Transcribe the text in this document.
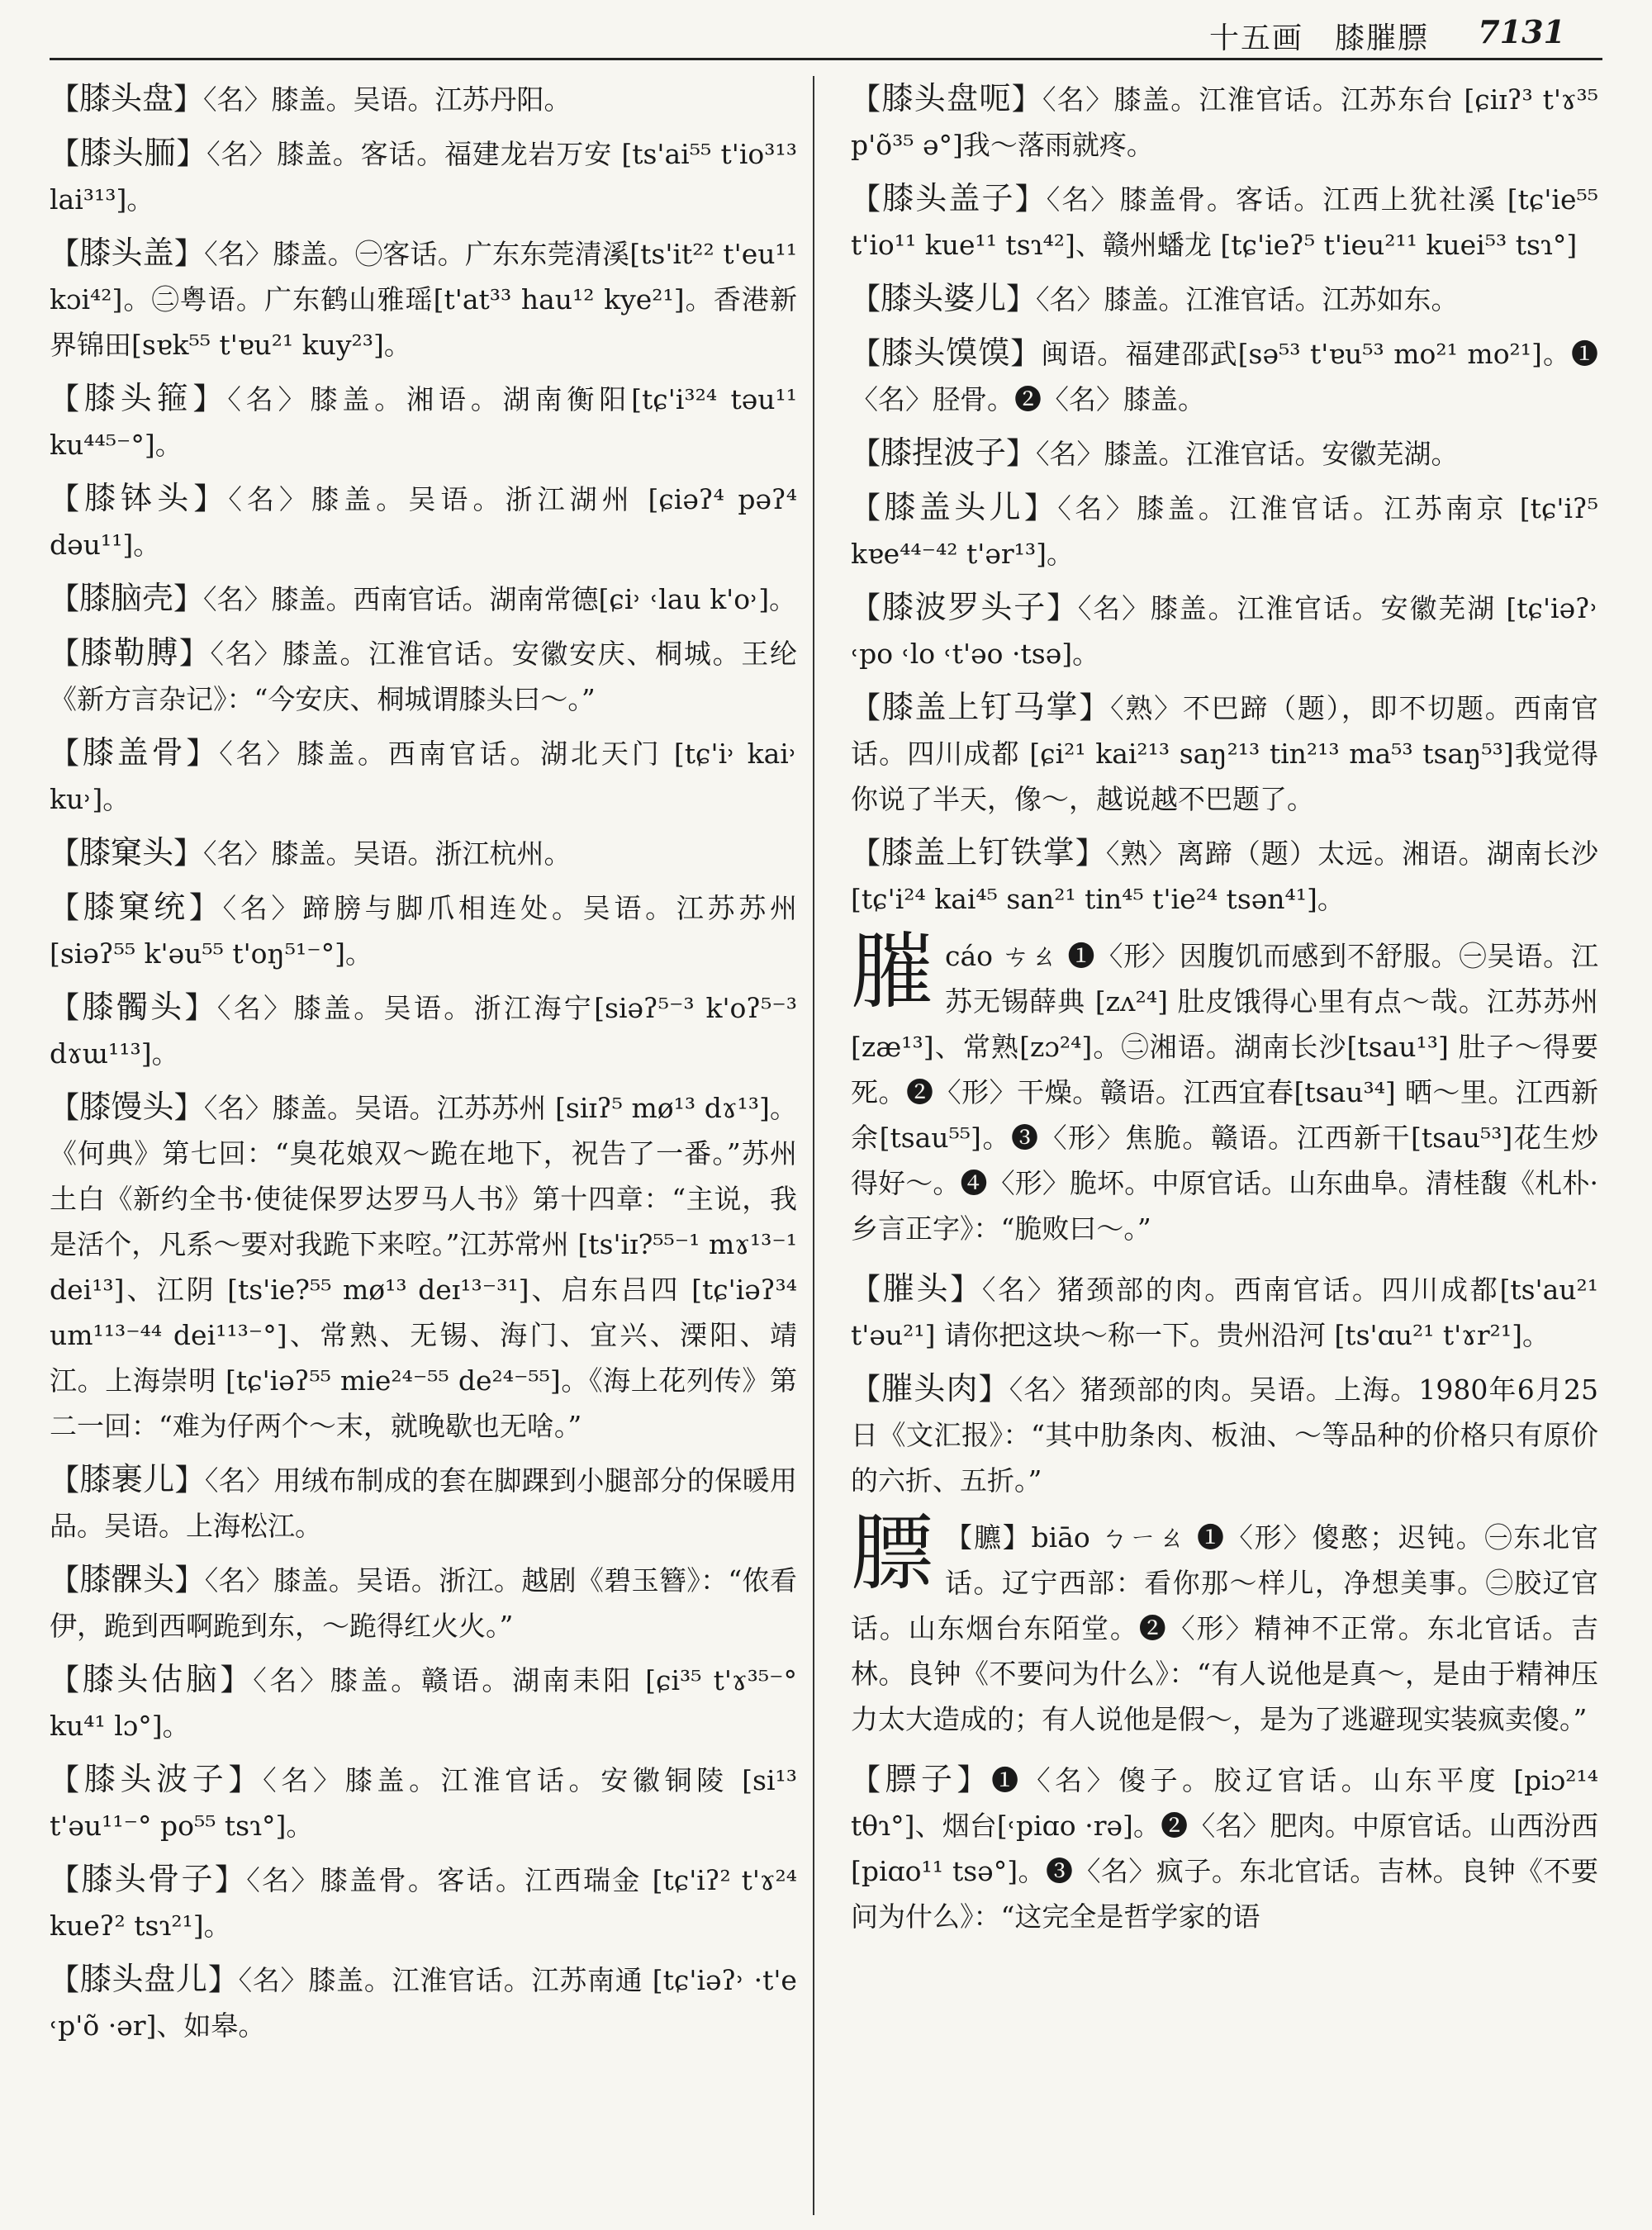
十五画　膝膗膘 7131

【膝头盘】〈名〉膝盖。吴语。江苏丹阳。

【膝头胹】〈名〉膝盖。客话。福建龙岩万安 [ts'ai⁵⁵ t'io³¹³ lai³¹³]。

【膝头盖】〈名〉膝盖。㊀客话。广东东莞清溪[ts'it²² t'eu¹¹ kɔi⁴²]。㊁粤语。广东鹤山雅瑶[t'at³³ hau¹² kye²¹]。香港新界锦田[sɐk⁵⁵ t'ɐu²¹ kuy²³]。

【膝头箍】〈名〉膝盖。湘语。湖南衡阳[tɕ'i³²⁴ təu¹¹ ku⁴⁴⁵⁻°]。

【膝钵头】〈名〉膝盖。吴语。浙江湖州 [ɕiəʔ⁴ pəʔ⁴ dəu¹¹]。

【膝脑壳】〈名〉膝盖。西南官话。湖南常德[ɕi˒ ˓lau k'o˒]。

【膝勒膊】〈名〉膝盖。江淮官话。安徽安庆、桐城。王纶《新方言杂记》：“今安庆、桐城谓膝头曰～。”

【膝盖骨】〈名〉膝盖。西南官话。湖北天门 [tɕ'i˒ kai˒ ku˒]。

【膝窠头】〈名〉膝盖。吴语。浙江杭州。

【膝窠统】〈名〉蹄膀与脚爪相连处。吴语。江苏苏州 [siəʔ⁵⁵ k'əu⁵⁵ t'oŋ⁵¹⁻°]。

【膝髑头】〈名〉膝盖。吴语。浙江海宁[siəʔ⁵⁻³ k'oʔ⁵⁻³ dɤɯ¹¹³]。

【膝馒头】〈名〉膝盖。吴语。江苏苏州 [siɪʔ⁵ mø¹³ dɤ¹³]。《何典》第七回：“臭花娘双～跪在地下，祝告了一番。”苏州土白《新约全书·使徒保罗达罗马人书》第十四章：“主说，我是活个，凡系～要对我跪下来啌。”江苏常州 [ts'iɪ?⁵⁵⁻¹ mɤ¹³⁻¹ dei¹³]、江阴 [ts'ie?⁵⁵ mø¹³ deɪ¹³⁻³¹]、启东吕四 [tɕ'iəʔ³⁴ um¹¹³⁻⁴⁴ dei¹¹³⁻°]、常熟、无锡、海门、宜兴、溧阳、靖江。上海崇明 [tɕ'iəʔ⁵⁵ mie²⁴⁻⁵⁵ de²⁴⁻⁵⁵]。《海上花列传》第二一回：“难为仔两个～末，就晚歇也无啥。”

【膝裹儿】〈名〉用绒布制成的套在脚踝到小腿部分的保暖用品。吴语。上海松江。

【膝髁头】〈名〉膝盖。吴语。浙江。越剧《碧玉簪》：“侬看伊，跪到西啊跪到东，～跪得红火火。”

【膝头估脑】〈名〉膝盖。赣语。湖南耒阳 [ɕi³⁵ t'ɤ³⁵⁻° ku⁴¹ lɔ°]。

【膝头波子】〈名〉膝盖。江淮官话。安徽铜陵 [si¹³ t'əu¹¹⁻° po⁵⁵ tsɿ°]。

【膝头骨子】〈名〉膝盖骨。客话。江西瑞金 [tɕ'iʔ² t'ɤ²⁴ kueʔ² tsɿ²¹]。

【膝头盘儿】〈名〉膝盖。江淮官话。江苏南通 [tɕ'iəʔ˒ ·t'e ˓p'õ ·ər]、如皋。

【膝头盘呃】〈名〉膝盖。江淮官话。江苏东台 [ɕiɪʔ³ t'ɤ³⁵ p'õ³⁵ ə°]我～落雨就疼。

【膝头盖子】〈名〉膝盖骨。客话。江西上犹社溪 [tɕ'ie⁵⁵ t'io¹¹ kue¹¹ tsɿ⁴²]、赣州蟠龙 [tɕ'ieʔ⁵ t'ieu²¹¹ kuei⁵³ tsɿ°]

【膝头婆儿】〈名〉膝盖。江淮官话。江苏如东。

【膝头馍馍】闽语。福建邵武[sə⁵³ t'ɐu⁵³ mo²¹ mo²¹]。❶〈名〉胫骨。❷〈名〉膝盖。

【膝捏波子】〈名〉膝盖。江淮官话。安徽芜湖。

【膝盖头儿】〈名〉膝盖。江淮官话。江苏南京 [tɕ'iʔ⁵ kɐe⁴⁴⁻⁴² t'ər¹³]。

【膝波罗头子】〈名〉膝盖。江淮官话。安徽芜湖 [tɕ'iəʔ˒ ˓po ˓lo ˓t'əo ·tsə]。

【膝盖上钉马掌】〈熟〉不巴蹄（题），即不切题。西南官话。四川成都 [ɕi²¹ kai²¹³ saŋ²¹³ tin²¹³ ma⁵³ tsaŋ⁵³]我觉得你说了半天，像～，越说越不巴题了。

【膝盖上钉铁掌】〈熟〉离蹄（题）太远。湘语。湖南长沙[tɕ'i²⁴ kai⁴⁵ san²¹ tin⁴⁵ t'ie²⁴ tsən⁴¹]。

膗 cáo ㄘㄠ ❶〈形〉因腹饥而感到不舒服。㊀吴语。江苏无锡薛典 [zʌ²⁴] 肚皮饿得心里有点～哉。江苏苏州[zæ¹³]、常熟[zɔ²⁴]。㊁湘语。湖南长沙[tsau¹³] 肚子～得要死。❷〈形〉干燥。赣语。江西宜春[tsau³⁴] 晒～里。江西新余[tsau⁵⁵]。❸〈形〉焦脆。赣语。江西新干[tsau⁵³]花生炒得好～。❹〈形〉脆坏。中原官话。山东曲阜。清桂馥《札朴·乡言正字》：“脆败曰～。”

【膗头】〈名〉猪颈部的肉。西南官话。四川成都[ts'au²¹ t'əu²¹] 请你把这块～称一下。贵州沿河 [ts'ɑu²¹ t'ɤr²¹]。

【膗头肉】〈名〉猪颈部的肉。吴语。上海。1980年6月25日《文汇报》：“其中肋条肉、板油、～等品种的价格只有原价的六折、五折。”

膘 【臕】biāo ㄅㄧㄠ ❶〈形〉傻憨；迟钝。㊀东北官话。辽宁西部：看你那～样儿，净想美事。㊁胶辽官话。山东烟台东陌堂。❷〈形〉精神不正常。东北官话。吉林。良钟《不要问为什么》：“有人说他是真～，是由于精神压力太大造成的；有人说他是假～，是为了逃避现实装疯卖傻。”

【膘子】❶〈名〉傻子。胶辽官话。山东平度 [piɔ²¹⁴ tθɿ°]、烟台[˓piɑo ·rə]。❷〈名〉肥肉。中原官话。山西汾西[piɑo¹¹ tsə°]。❸〈名〉疯子。东北官话。吉林。良钟《不要问为什么》：“这完全是哲学家的语
